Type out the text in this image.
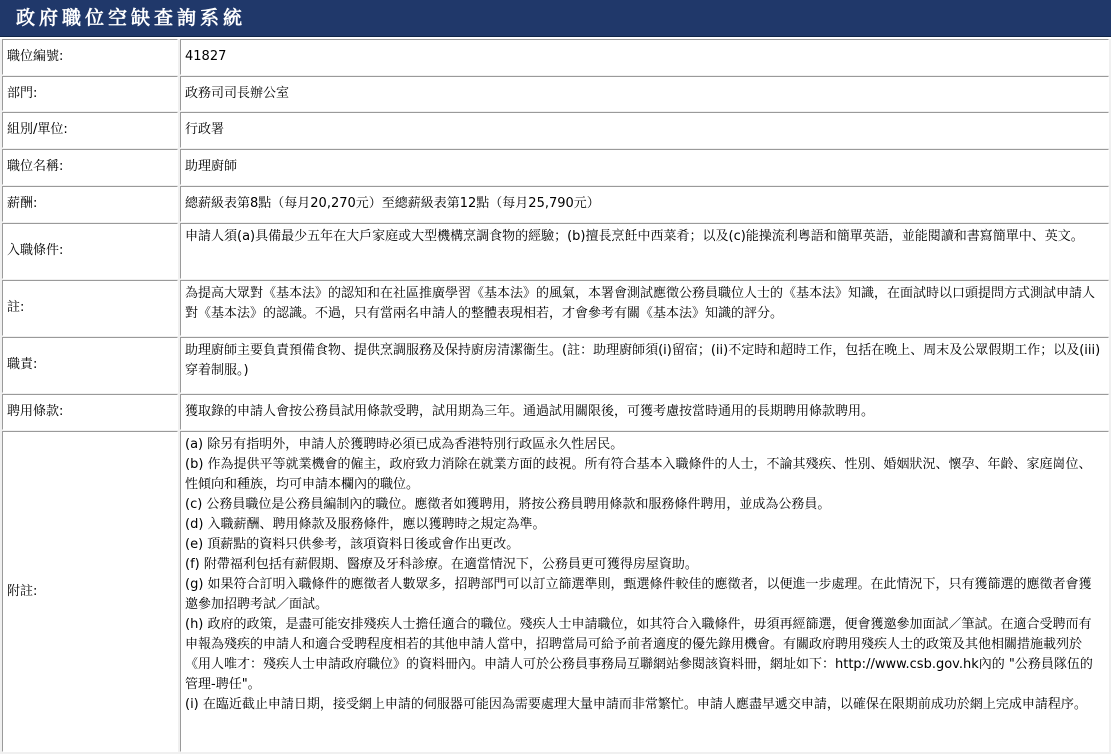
政府職位空缺查詢系統
職位編號:	41827
部門:	政務司司長辦公室
組別/單位:	行政署
職位名稱:	助理廚師
薪酬:	總薪級表第8點（每月20,270元）至總薪級表第12點（每月25,790元）
入職條件:
申請人須(a)具備最少五年在大戶家庭或大型機構烹調食物的經驗；(b)擅長烹飪中西菜肴；以及(c)能操流利粵語和簡單英語，並能閱讀和書寫簡單中、英文。
註:
為提高大眾對《基本法》的認知和在社區推廣學習《基本法》的風氣，本署會測試應徵公務員職位人士的《基本法》知識，在面試時以口頭提問方式測試申請人對《基本法》的認識。不過，只有當兩名申請人的整體表現相若，才會參考有關《基本法》知識的評分。
職責:
助理廚師主要負責預備食物、提供烹調服務及保持廚房清潔衞生。(註：助理廚師須(i)留宿；(ii)不定時和超時工作，包括在晚上、周末及公眾假期工作；以及(iii)穿着制服。)
聘用條款:	獲取錄的申請人會按公務員試用條款受聘，試用期為三年。通過試用關限後，可獲考慮按當時通用的長期聘用條款聘用。
附註:

(a) 除另有指明外，申請人於獲聘時必須已成為香港特別行政區永久性居民。

(b) 作為提供平等就業機會的僱主，政府致力消除在就業方面的歧視。所有符合基本入職條件的人士，不論其殘疾、性別、婚姻狀況、懷孕、年齡、家庭崗位、性傾向和種族，均可申請本欄內的職位。

(c) 公務員職位是公務員編制內的職位。應徵者如獲聘用，將按公務員聘用條款和服務條件聘用，並成為公務員。

(d) 入職薪酬、聘用條款及服務條件，應以獲聘時之規定為準。

(e) 頂薪點的資料只供參考，該項資料日後或會作出更改。

(f) 附帶福利包括有薪假期、醫療及牙科診療。在適當情況下，公務員更可獲得房屋資助。

(g) 如果符合訂明入職條件的應徵者人數眾多，招聘部門可以訂立篩選準則，甄選條件較佳的應徵者，以便進一步處理。在此情況下，只有獲篩選的應徵者會獲邀參加招聘考試／面試。

(h) 政府的政策，是盡可能安排殘疾人士擔任適合的職位。殘疾人士申請職位，如其符合入職條件，毋須再經篩選，便會獲邀參加面試／筆試。在適合受聘而有申報為殘疾的申請人和適合受聘程度相若的其他申請人當中，招聘當局可給予前者適度的優先錄用機會。有關政府聘用殘疾人士的政策及其他相關措施載列於《用人唯才：殘疾人士申請政府職位》的資料冊內。申請人可於公務員事務局互聯網站參閱該資料冊，網址如下：http://www.csb.gov.hk內的 "公務員隊伍的管理-聘任"。

(i) 在臨近截止申請日期，接受網上申請的伺服器可能因為需要處理大量申請而非常繁忙。申請人應盡早遞交申請，以確保在限期前成功於網上完成申請程序。
